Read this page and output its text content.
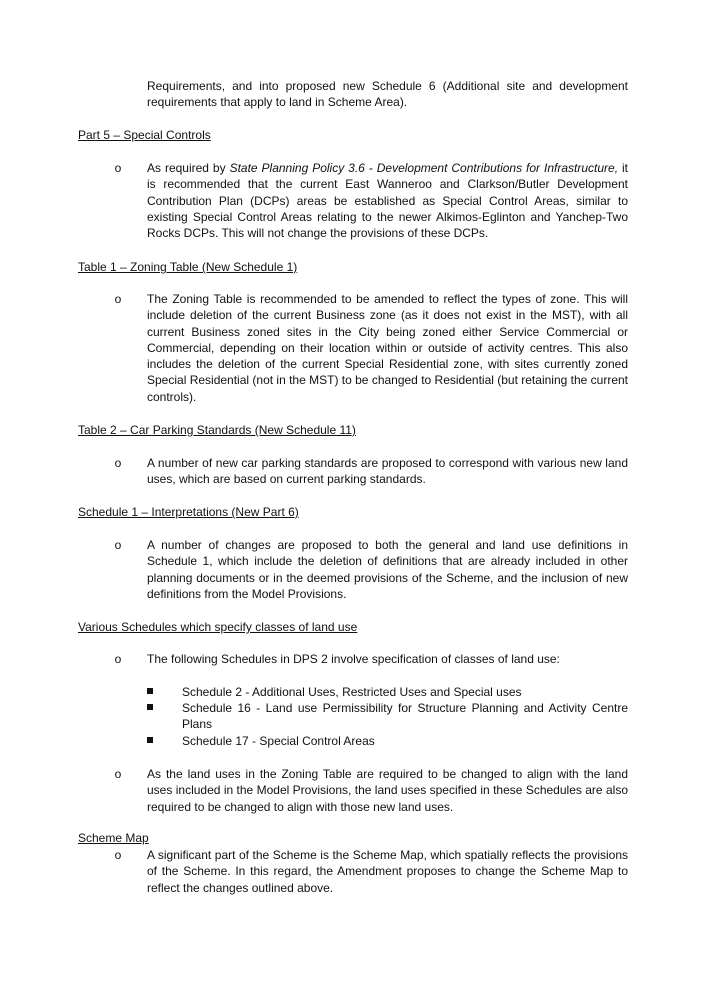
Requirements, and into proposed new Schedule 6 (Additional site and development requirements that apply to land in Scheme Area).

Part 5 – Special Controls

o As required by State Planning Policy 3.6 - Development Contributions for Infrastructure, it is recommended that the current East Wanneroo and Clarkson/Butler Development Contribution Plan (DCPs) areas be established as Special Control Areas, similar to existing Special Control Areas relating to the newer Alkimos-Eglinton and Yanchep-Two Rocks DCPs. This will not change the provisions of these DCPs.

Table 1 – Zoning Table (New Schedule 1)

o The Zoning Table is recommended to be amended to reflect the types of zone. This will include deletion of the current Business zone (as it does not exist in the MST), with all current Business zoned sites in the City being zoned either Service Commercial or Commercial, depending on their location within or outside of activity centres. This also includes the deletion of the current Special Residential zone, with sites currently zoned Special Residential (not in the MST) to be changed to Residential (but retaining the current controls).

Table 2 – Car Parking Standards (New Schedule 11)

o A number of new car parking standards are proposed to correspond with various new land uses, which are based on current parking standards.

Schedule 1 – Interpretations (New Part 6)

o A number of changes are proposed to both the general and land use definitions in Schedule 1, which include the deletion of definitions that are already included in other planning documents or in the deemed provisions of the Scheme, and the inclusion of new definitions from the Model Provisions.

Various Schedules which specify classes of land use

o The following Schedules in DPS 2 involve specification of classes of land use:

Schedule 2 - Additional Uses, Restricted Uses and Special uses

Schedule 16 - Land use Permissibility for Structure Planning and Activity Centre Plans

Schedule 17 - Special Control Areas

o As the land uses in the Zoning Table are required to be changed to align with the land uses included in the Model Provisions, the land uses specified in these Schedules are also required to be changed to align with those new land uses.

Scheme Map

o A significant part of the Scheme is the Scheme Map, which spatially reflects the provisions of the Scheme. In this regard, the Amendment proposes to change the Scheme Map to reflect the changes outlined above.
